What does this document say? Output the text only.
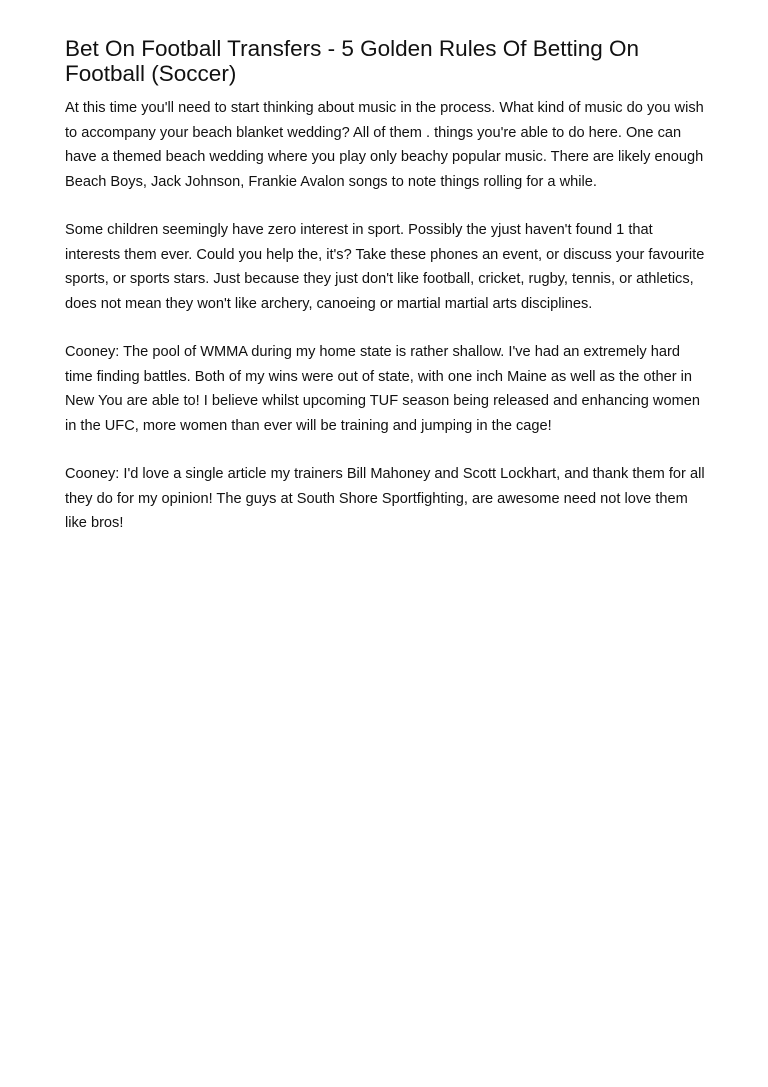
Bet On Football Transfers - 5 Golden Rules Of Betting On
Football (Soccer)

At this time you'll need to start thinking about music in the process. What kind of music do you wish to accompany your beach blanket wedding? All of them . things you're able to do here. One can have a themed beach wedding where you play only beachy popular music. There are likely enough Beach Boys, Jack Johnson, Frankie Avalon songs to note things rolling for a while.

Some children seemingly have zero interest in sport. Possibly the yjust haven't found 1 that interests them ever. Could you help the, it's? Take these phones an event, or discuss your favourite sports, or sports stars. Just because they just don't like football, cricket, rugby, tennis, or athletics, does not mean they won't like archery, canoeing or martial martial arts disciplines.

Cooney: The pool of WMMA during my home state is rather shallow. I've had an extremely hard time finding battles. Both of my wins were out of state, with one inch Maine as well as the other in New You are able to! I believe whilst upcoming TUF season being released and enhancing women in the UFC, more women than ever will be training and jumping in the cage!

Cooney: I'd love a single article my trainers Bill Mahoney and Scott Lockhart, and thank them for all they do for my opinion! The guys at South Shore Sportfighting, are awesome need not love them like bros!
